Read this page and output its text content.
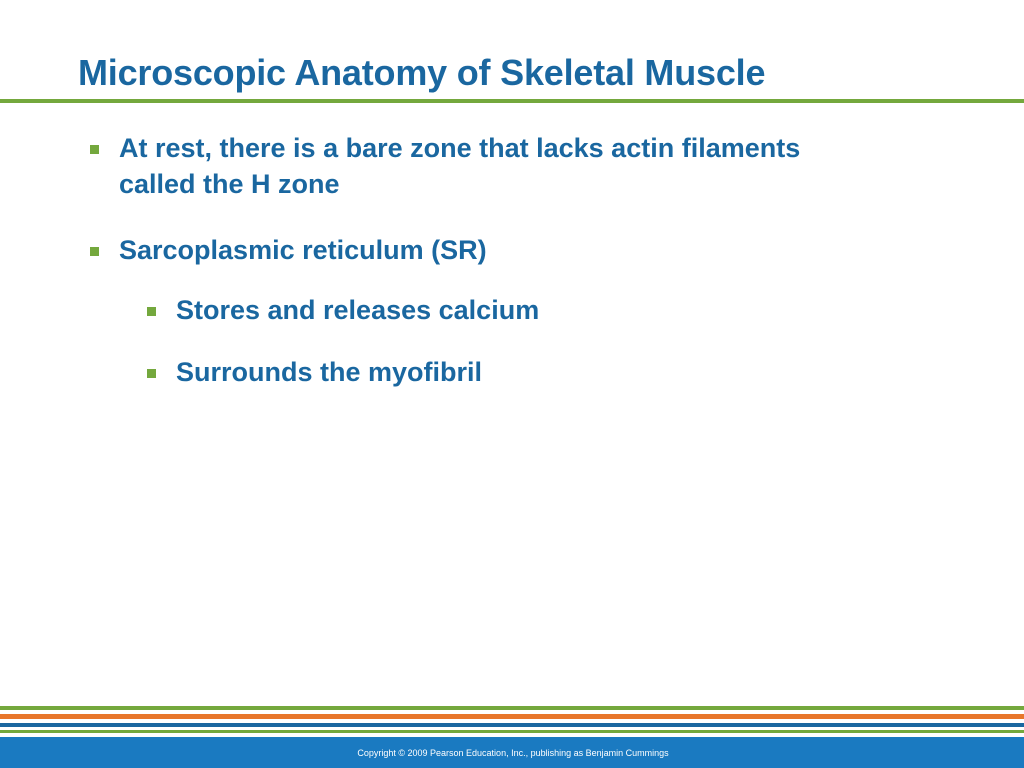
Microscopic Anatomy of Skeletal Muscle
At rest, there is a bare zone that lacks actin filaments called the H zone
Sarcoplasmic reticulum (SR)
Stores and releases calcium
Surrounds the myofibril
Copyright © 2009 Pearson Education, Inc., publishing as Benjamin Cummings
